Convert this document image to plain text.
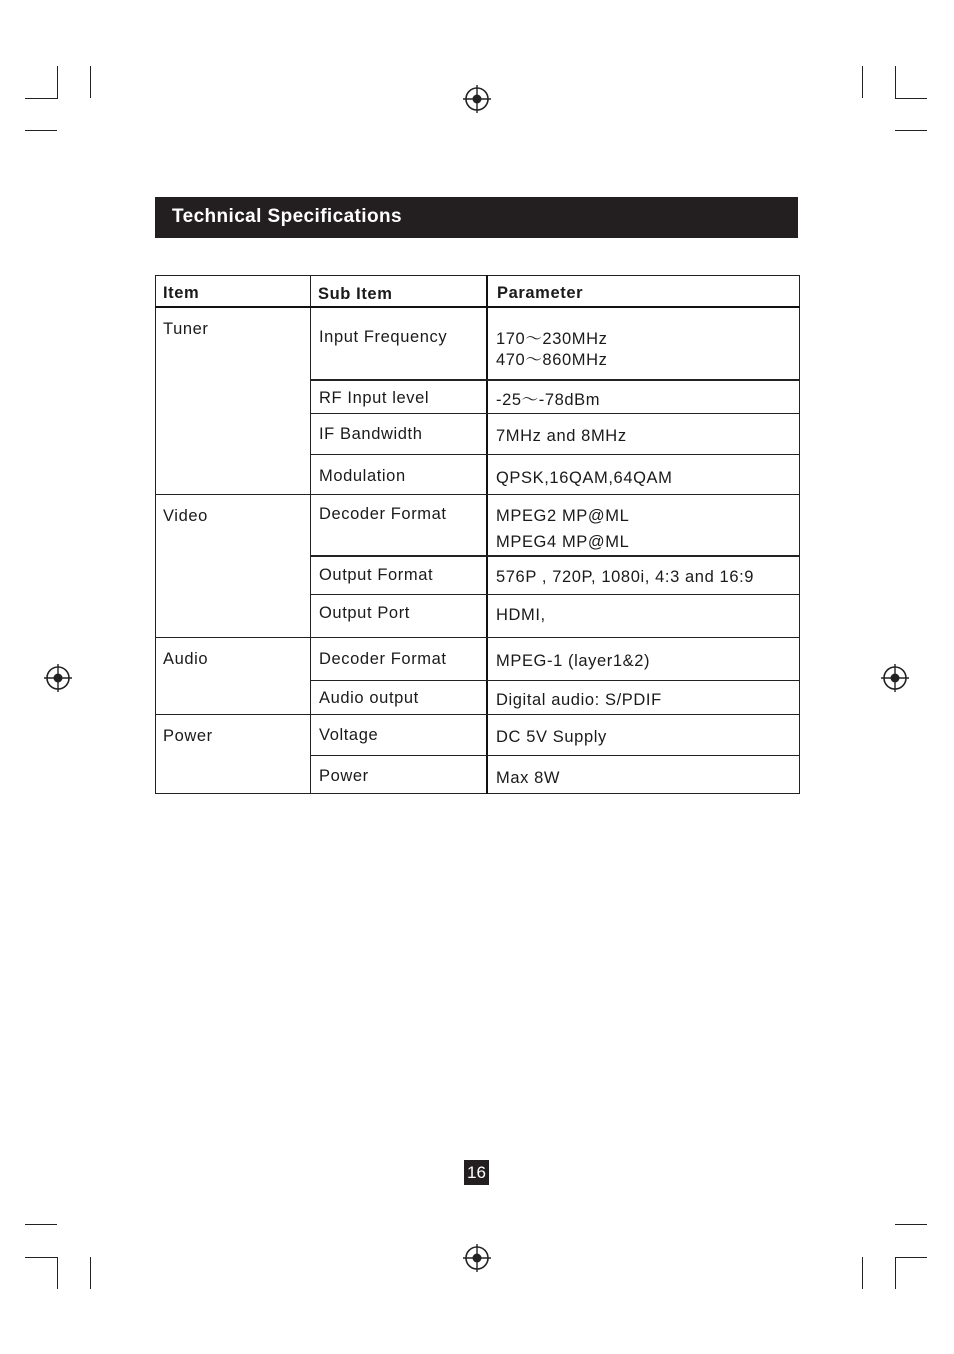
Technical Specifications
Item	Sub Item	Parameter
Tuner	Input Frequency	170～230MHz
470～860MHz
RF Input level	-25～-78dBm
IF Bandwidth	7MHz and 8MHz
Modulation	QPSK,16QAM,64QAM
Video	Decoder Format	MPEG2 MP@ML
MPEG4 MP@ML
Output Format	576P , 720P, 1080i, 4:3 and 16:9
Output Port	HDMI,
Audio	Decoder Format	MPEG-1 (layer1&2)
Audio output	Digital audio: S/PDIF
Power	Voltage	DC 5V Supply
Power	Max 8W
16
